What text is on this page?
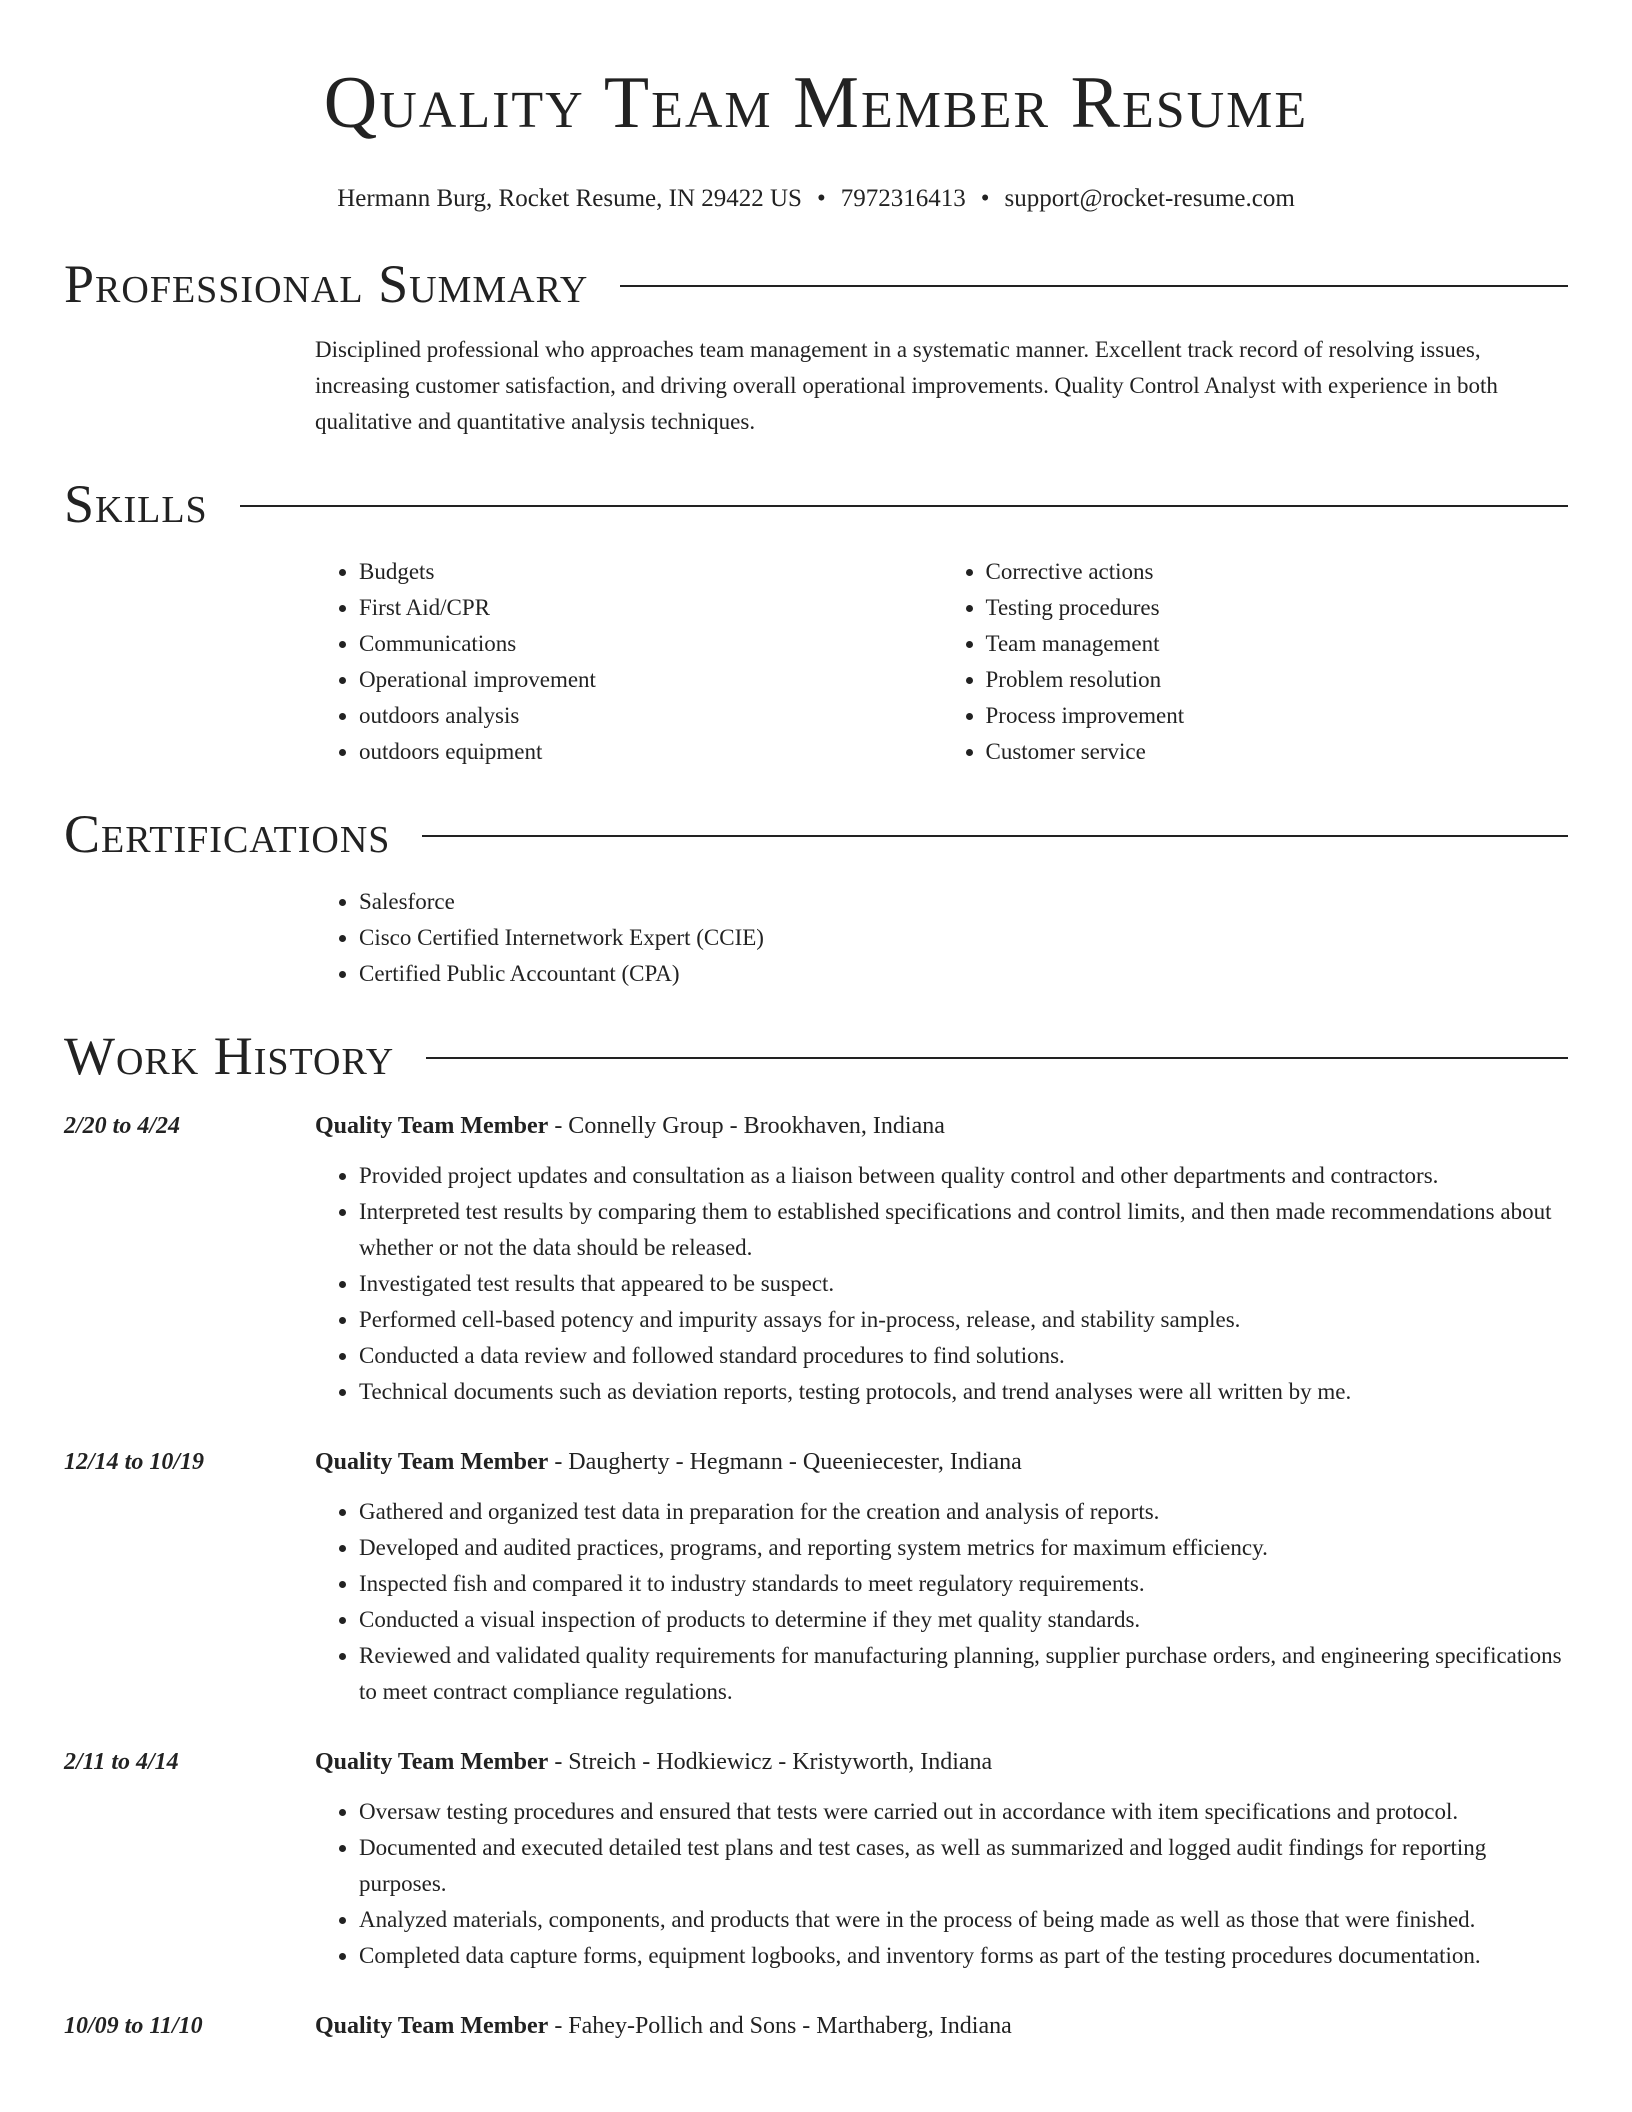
Quality Team Member Resume
Hermann Burg, Rocket Resume, IN 29422 US • 7972316413 • support@rocket-resume.com
Professional Summary

Disciplined professional who approaches team management in a systematic manner. Excellent track record of resolving issues, increasing customer satisfaction, and driving overall operational improvements. Quality Control Analyst with experience in both qualitative and quantitative analysis techniques.

Skills
• Budgets
• First Aid/CPR
• Communications
• Operational improvement
• outdoors analysis
• outdoors equipment
• Corrective actions
• Testing procedures
• Team management
• Problem resolution
• Process improvement
• Customer service
Certifications
• Salesforce
• Cisco Certified Internetwork Expert (CCIE)
• Certified Public Accountant (CPA)
Work History
2/20 to 4/24	Quality Team Member - Connelly Group - Brookhaven, Indiana
• Provided project updates and consultation as a liaison between quality control and other departments and contractors.
• Interpreted test results by comparing them to established specifications and control limits, and then made recommendations about whether or not the data should be released.
• Investigated test results that appeared to be suspect.
• Performed cell-based potency and impurity assays for in-process, release, and stability samples.
• Conducted a data review and followed standard procedures to find solutions.
• Technical documents such as deviation reports, testing protocols, and trend analyses were all written by me.
12/14 to 10/19	Quality Team Member - Daugherty - Hegmann - Queeniecester, Indiana
• Gathered and organized test data in preparation for the creation and analysis of reports.
• Developed and audited practices, programs, and reporting system metrics for maximum efficiency.
• Inspected fish and compared it to industry standards to meet regulatory requirements.
• Conducted a visual inspection of products to determine if they met quality standards.
• Reviewed and validated quality requirements for manufacturing planning, supplier purchase orders, and engineering specifications to meet contract compliance regulations.
2/11 to 4/14	Quality Team Member - Streich - Hodkiewicz - Kristyworth, Indiana
• Oversaw testing procedures and ensured that tests were carried out in accordance with item specifications and protocol.
• Documented and executed detailed test plans and test cases, as well as summarized and logged audit findings for reporting purposes.
• Analyzed materials, components, and products that were in the process of being made as well as those that were finished.
• Completed data capture forms, equipment logbooks, and inventory forms as part of the testing procedures documentation.
10/09 to 11/10	Quality Team Member - Fahey-Pollich and Sons - Marthaberg, Indiana
